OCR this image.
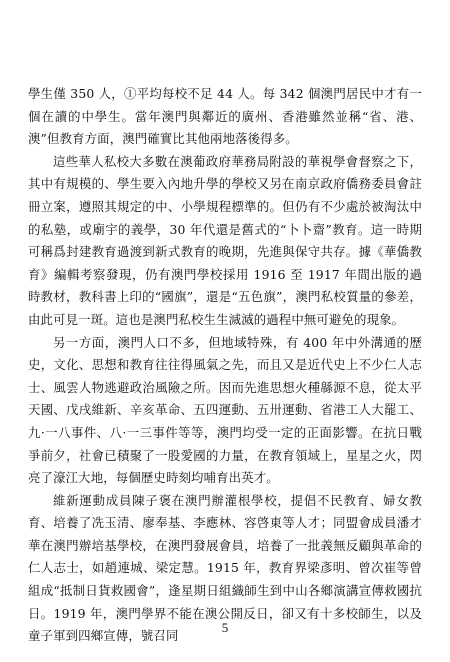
學生僅 350 人，①平均每校不足 44 人。每 342 個澳門居民中才有一個在讀的中學生。當年澳門與鄰近的廣州、香港雖然並稱“省、港、澳”但教育方面，澳門確實比其他兩地落後得多。

這些華人私校大多數在澳葡政府華務局附設的華視學會督察之下，其中有規模的、學生要入內地升學的學校又另在南京政府僑務委員會註冊立案，遵照其規定的中、小學規程標準的。但仍有不少處於被淘汰中的私塾，或廟宇的義學，30 年代還是舊式的“卜卜齋”教育。這一時期可稱爲封建教育過渡到新式教育的晚期，先進與保守共存。據《華僑教育》編輯考察發現，仍有澳門學校採用 1916 至 1917 年間出版的過時教材，教科書上印的“國旗”，還是“五色旗”，澳門私校質量的參差，由此可見一斑。這也是澳門私校生生滅滅的過程中無可避免的現象。

另一方面，澳門人口不多，但地域特殊，有 400 年中外溝通的歷史，文化、思想和教育往往得風氣之先，而且又是近代史上不少仁人志士、風雲人物逃避政治風險之所。因而先進思想火種緜源不息，從太平天國、戊戌維新、辛亥革命、五四運動、五卅運動、省港工人大罷工、九·一八事件、八·一三事件等等，澳門均受一定的正面影響。在抗日戰爭前夕，社會已積聚了一股愛國的力量，在教育領域上，星星之火，閃亮了濠江大地，每個歷史時刻均哺育出英才。

維新運動成員陳子褒在澳門辦灌根學校，提倡不民教育、婦女教育、培養了冼玉清、廖奉基、李應林、容啓東等人才；同盟會成員潘才華在澳門辦培基學校，在澳門發展會員，培養了一批義無反顧與革命的仁人志士，如趙連城、梁定慧。1915 年，教育界梁彥明、曾次崔等曾組成“抵制日貨救國會”，逢星期日組織師生到中山各鄉演講宣傳救國抗日。1919 年，澳門學界不能在澳公開反日，卻又有十多校師生，以及童子軍到四鄉宣傳，號召同

5
